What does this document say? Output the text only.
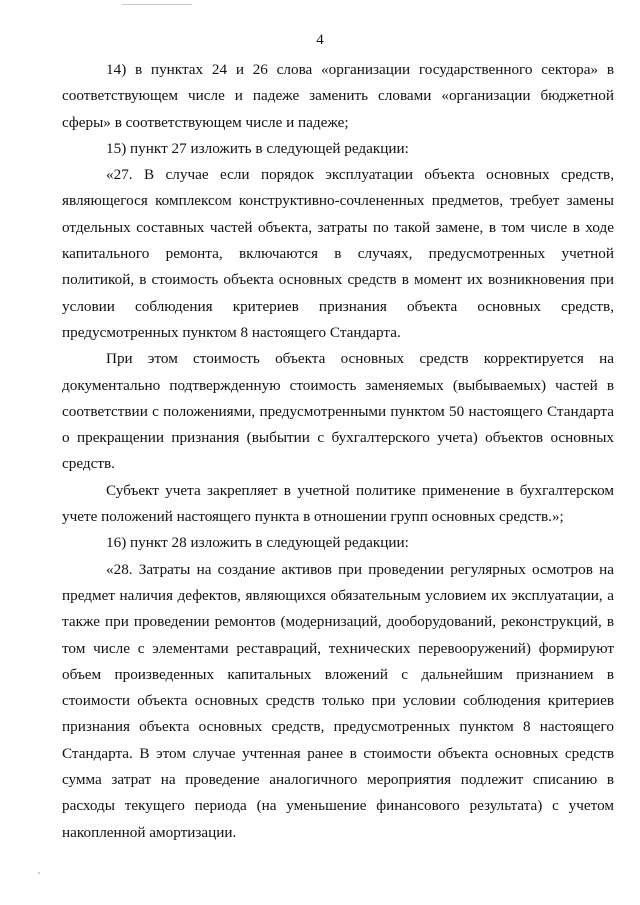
4

14) в пунктах 24 и 26 слова «организации государственного сектора» в соответствующем числе и падеже заменить словами «организации бюджетной сферы» в соответствующем числе и падеже;

15) пункт 27 изложить в следующей редакции:

«27. В случае если порядок эксплуатации объекта основных средств, являющегося комплексом конструктивно-сочлененных предметов, требует замены отдельных составных частей объекта, затраты по такой замене, в том числе в ходе капитального ремонта, включаются в случаях, предусмотренных учетной политикой, в стоимость объекта основных средств в момент их возникновения при условии соблюдения критериев признания объекта основных средств, предусмотренных пунктом 8 настоящего Стандарта.

При этом стоимость объекта основных средств корректируется на документально подтвержденную стоимость заменяемых (выбываемых) частей в соответствии с положениями, предусмотренными пунктом 50 настоящего Стандарта о прекращении признания (выбытии с бухгалтерского учета) объектов основных средств.

Субъект учета закрепляет в учетной политике применение в бухгалтерском учете положений настоящего пункта в отношении групп основных средств.»;

16) пункт 28 изложить в следующей редакции:

«28. Затраты на создание активов при проведении регулярных осмотров на предмет наличия дефектов, являющихся обязательным условием их эксплуатации, а также при проведении ремонтов (модернизаций, дооборудований, реконструкций, в том числе с элементами реставраций, технических перевооружений) формируют объем произведенных капитальных вложений с дальнейшим признанием в стоимости объекта основных средств только при условии соблюдения критериев признания объекта основных средств, предусмотренных пунктом 8 настоящего Стандарта. В этом случае учтенная ранее в стоимости объекта основных средств сумма затрат на проведение аналогичного мероприятия подлежит списанию в расходы текущего периода (на уменьшение финансового результата) с учетом накопленной амортизации.
